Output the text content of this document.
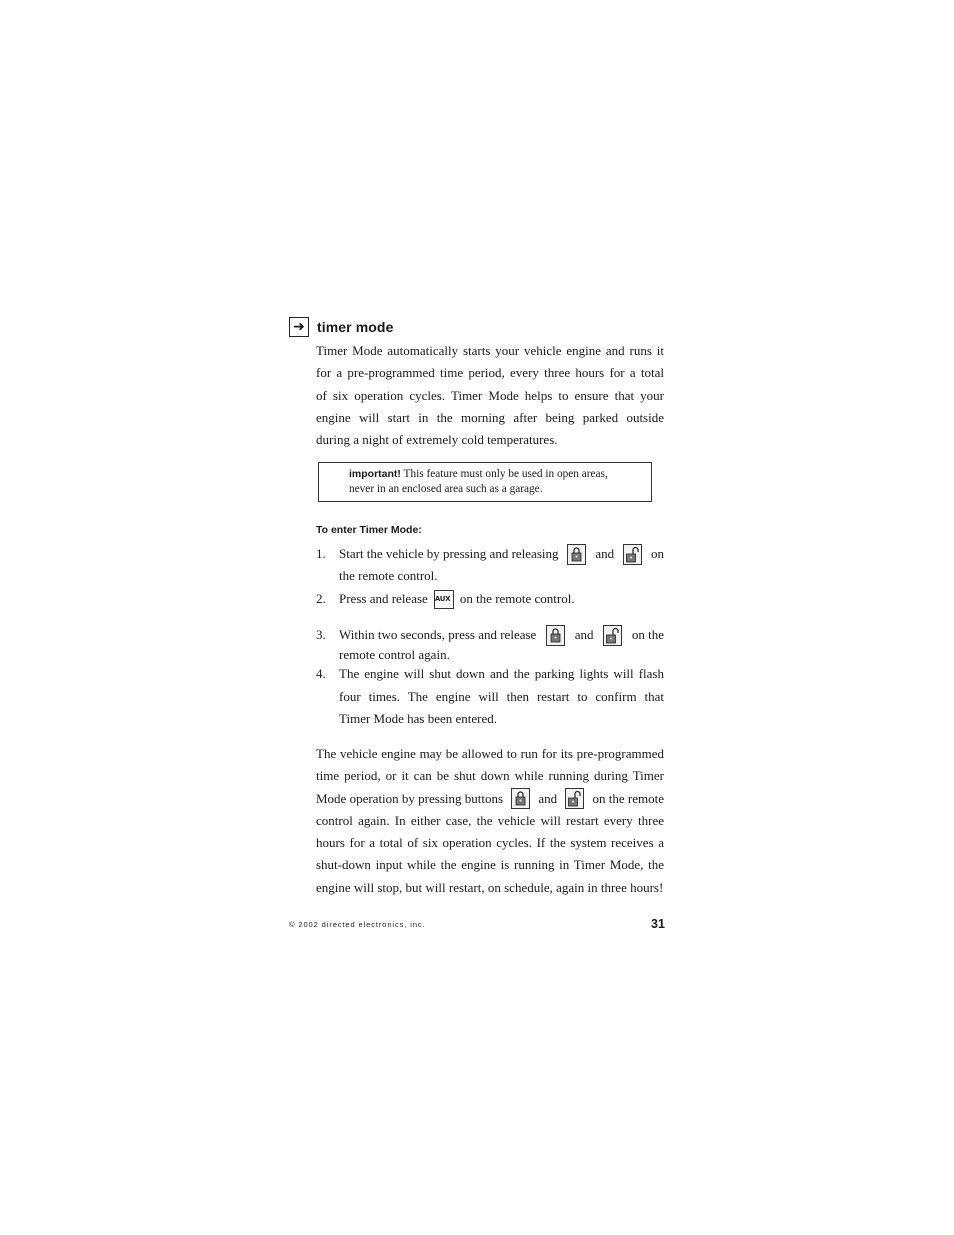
➜ timer mode
Timer Mode automatically starts your vehicle engine and runs it
for a pre-programmed time period, every three hours for a total
of six operation cycles. Timer Mode helps to ensure that your
engine will start in the morning after being parked outside
during a night of extremely cold temperatures.
important! This feature must only be used in open areas,
never in an enclosed area such as a garage.
To enter Timer Mode:
1. Start the vehicle by pressing and releasing	and	on
the remote control.
2. Press and release AUX on the remote control.
3. Within two seconds, press and release	and	on the
remote control again.
4. The engine will shut down and the parking lights will flash
four times. The engine will then restart to confirm that
Timer Mode has been entered.
The vehicle engine may be allowed to run for its pre-programmed
time period, or it can be shut down while running during Timer
Mode operation by pressing buttons	and	on the remote
control again. In either case, the vehicle will restart every three
hours for a total of six operation cycles. If the system receives a
shut-down input while the engine is running in Timer Mode, the
engine will stop, but will restart, on schedule, again in three hours!
© 2002 directed electronics, inc.	31
